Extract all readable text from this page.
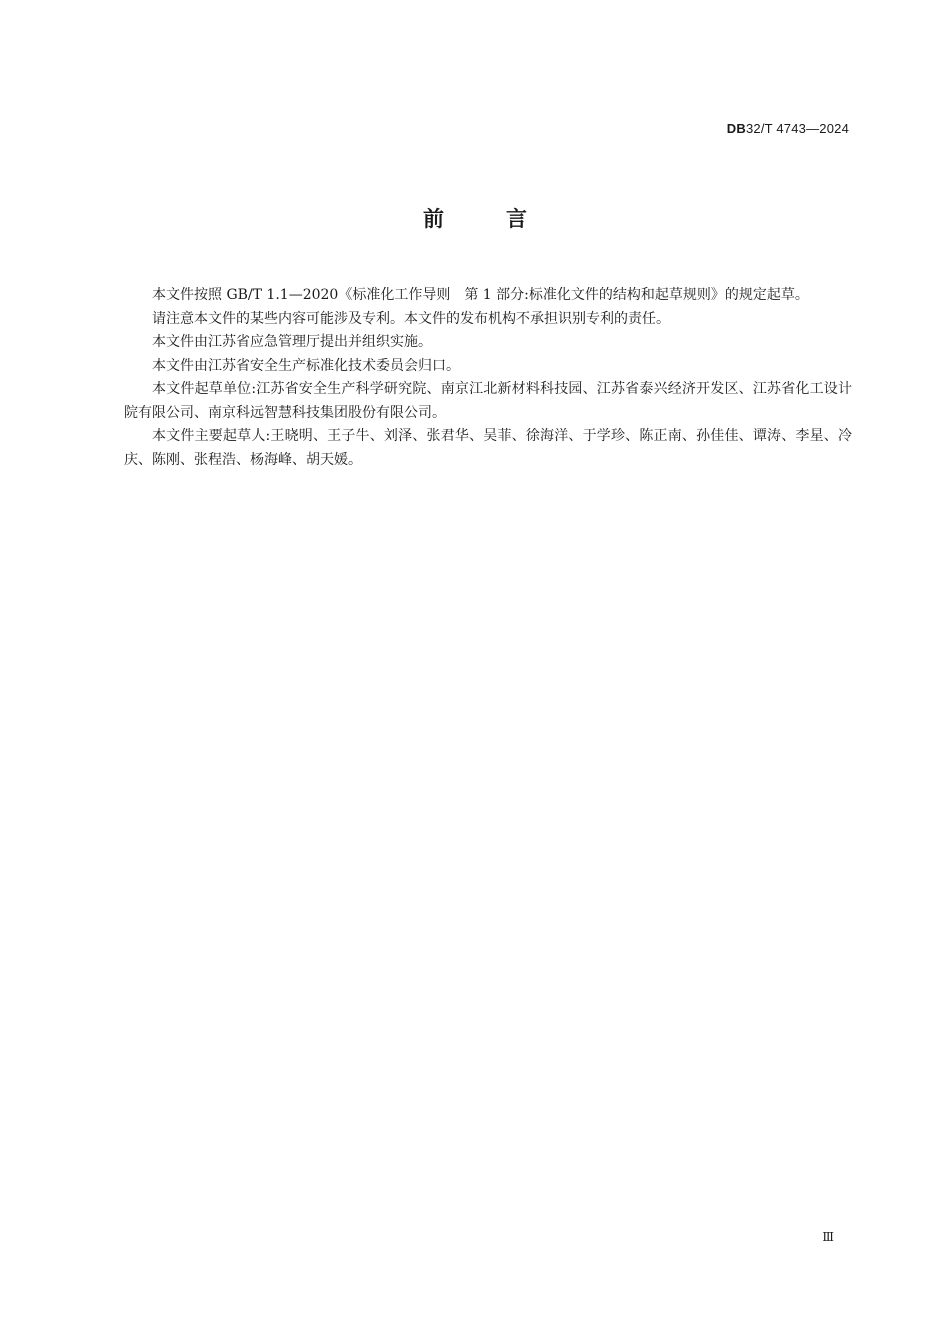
DB32/T 4743—2024
前言

本文件按照 GB/T 1.1—2020《标准化工作导则　第 1 部分:标准化文件的结构和起草规则》的规定起草。

请注意本文件的某些内容可能涉及专利。本文件的发布机构不承担识别专利的责任。

本文件由江苏省应急管理厅提出并组织实施。

本文件由江苏省安全生产标准化技术委员会归口。

本文件起草单位:江苏省安全生产科学研究院、南京江北新材料科技园、江苏省泰兴经济开发区、江苏省化工设计院有限公司、南京科远智慧科技集团股份有限公司。

本文件主要起草人:王晓明、王子牛、刘泽、张君华、吴菲、徐海洋、于学珍、陈正南、孙佳佳、谭涛、李星、冷庆、陈刚、张程浩、杨海峰、胡天媛。

Ⅲ
